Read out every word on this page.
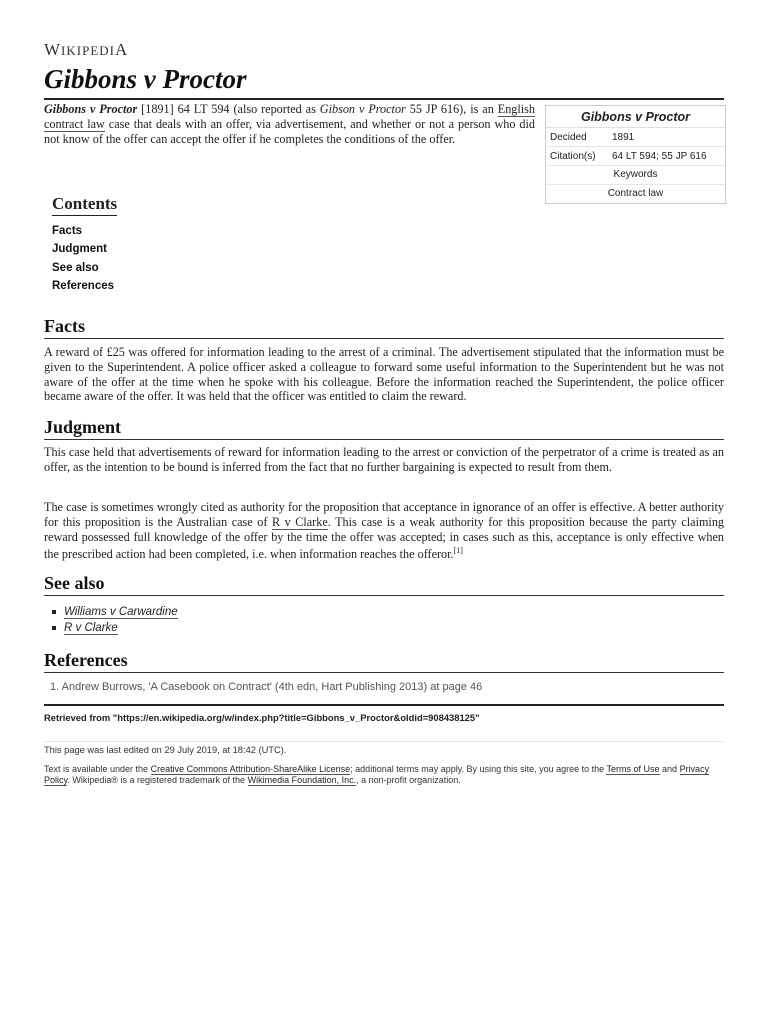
WIKIPEDIA
Gibbons v Proctor
Gibbons v Proctor [1891] 64 LT 594 (also reported as Gibson v Proctor 55 JP 616), is an English contract law case that deals with an offer, via advertisement, and whether or not a person who did not know of the offer can accept the offer if he completes the conditions of the offer.
Gibbons v Proctor
Decided	1891
Citation(s)	64 LT 594; 55 JP 616
Keywords
Contract law
Contents
Facts
Judgment
See also
References
Facts
A reward of £25 was offered for information leading to the arrest of a criminal. The advertisement stipulated that the information must be given to the Superintendent. A police officer asked a colleague to forward some useful information to the Superintendent but he was not aware of the offer at the time when he spoke with his colleague. Before the information reached the Superintendent, the police officer became aware of the offer. It was held that the officer was entitled to claim the reward.
Judgment
This case held that advertisements of reward for information leading to the arrest or conviction of the perpetrator of a crime is treated as an offer, as the intention to be bound is inferred from the fact that no further bargaining is expected to result from them.
The case is sometimes wrongly cited as authority for the proposition that acceptance in ignorance of an offer is effective. A better authority for this proposition is the Australian case of R v Clarke. This case is a weak authority for this proposition because the party claiming reward possessed full knowledge of the offer by the time the offer was accepted; in cases such as this, acceptance is only effective when the prescribed action had been completed, i.e. when information reaches the offeror.[1]
See also
Williams v Carwardine
R v Clarke
References
1. Andrew Burrows, 'A Casebook on Contract' (4th edn, Hart Publishing 2013) at page 46
Retrieved from "https://en.wikipedia.org/w/index.php?title=Gibbons_v_Proctor&oldid=908438125"
This page was last edited on 29 July 2019, at 18:42 (UTC).
Text is available under the Creative Commons Attribution-ShareAlike License; additional terms may apply. By using this site, you agree to the Terms of Use and Privacy Policy. Wikipedia® is a registered trademark of the Wikimedia Foundation, Inc., a non-profit organization.
